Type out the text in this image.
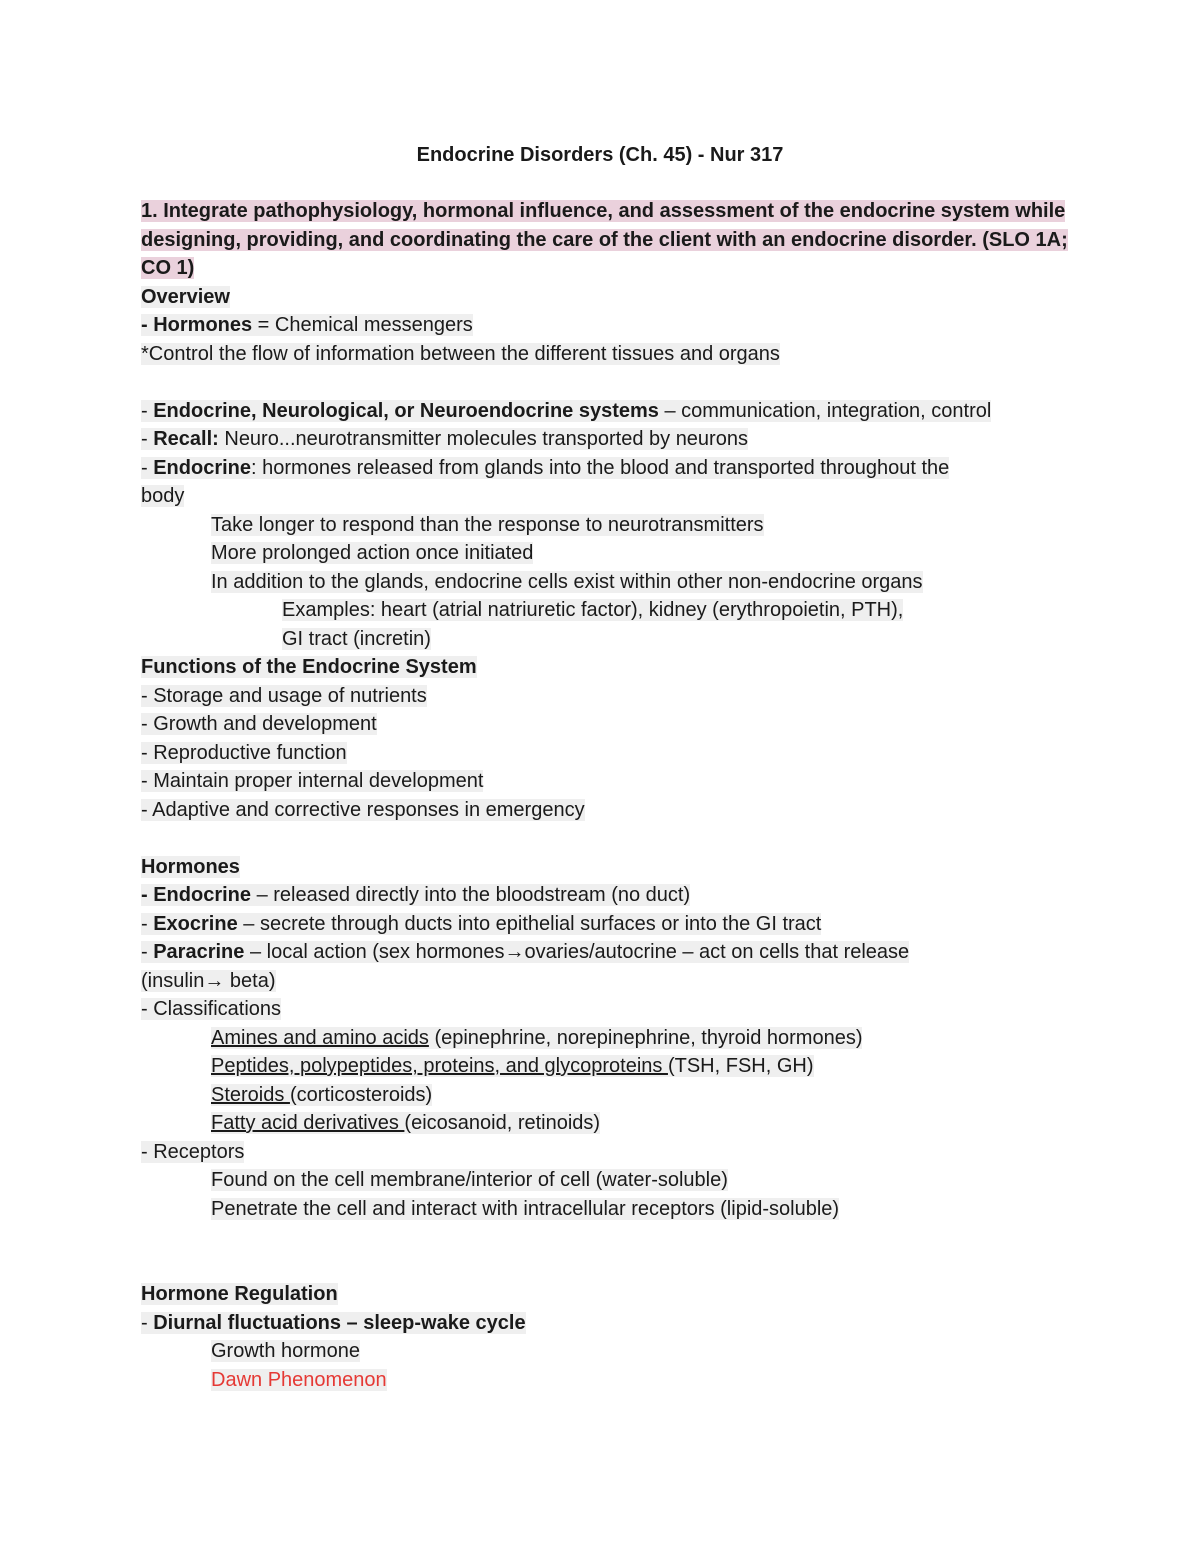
Endocrine Disorders (Ch. 45) - Nur 317
1. Integrate pathophysiology, hormonal influence, and assessment of the endocrine system while designing, providing, and coordinating the care of the client with an endocrine disorder. (SLO 1A; CO 1)
Overview
- Hormones = Chemical messengers
*Control the flow of information between the different tissues and organs
- Endocrine, Neurological, or Neuroendocrine systems – communication, integration, control
- Recall: Neuro...neurotransmitter molecules transported by neurons
- Endocrine: hormones released from glands into the blood and transported throughout the
body
Take longer to respond than the response to neurotransmitters
More prolonged action once initiated
In addition to the glands, endocrine cells exist within other non-endocrine organs
Examples: heart (atrial natriuretic factor), kidney (erythropoietin, PTH),
GI tract (incretin)
Functions of the Endocrine System
- Storage and usage of nutrients
- Growth and development
- Reproductive function
- Maintain proper internal development
- Adaptive and corrective responses in emergency
Hormones
- Endocrine – released directly into the bloodstream (no duct)
- Exocrine – secrete through ducts into epithelial surfaces or into the GI tract
- Paracrine – local action (sex hormones→ovaries/autocrine – act on cells that release
(insulin→ beta)
- Classifications
Amines and amino acids (epinephrine, norepinephrine, thyroid hormones)
Peptides, polypeptides, proteins, and glycoproteins (TSH, FSH, GH)
Steroids (corticosteroids)
Fatty acid derivatives (eicosanoid, retinoids)
- Receptors
Found on the cell membrane/interior of cell (water-soluble)
Penetrate the cell and interact with intracellular receptors (lipid-soluble)
Hormone Regulation
- Diurnal fluctuations – sleep-wake cycle
Growth hormone
Dawn Phenomenon
